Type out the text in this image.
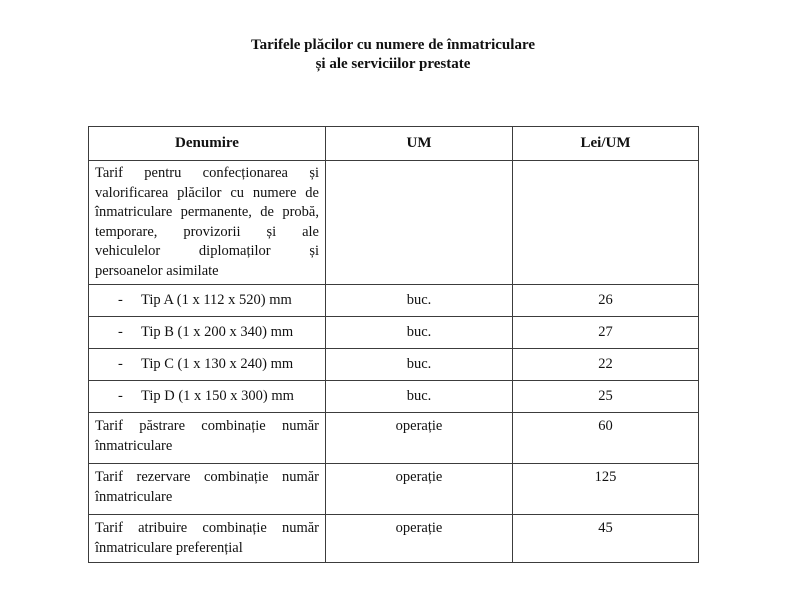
Tarifele plăcilor cu numere de înmatriculare
și ale serviciilor prestate
Denumire	UM	Lei/UM
Tarif pentru confecționarea și valorificarea plăcilor cu numere de înmatriculare permanente, de probă, temporare, provizorii și ale vehiculelor diplomaților și persoanelor asimilate		
- Tip A (1 x 112 x 520) mm	buc.	26
- Tip B (1 x 200 x 340) mm	buc.	27
- Tip C (1 x 130 x 240) mm	buc.	22
- Tip D (1 x 150 x 300) mm	buc.	25
Tarif păstrare combinație număr înmatriculare	operație	60
Tarif rezervare combinație număr înmatriculare	operație	125
Tarif atribuire combinație număr înmatriculare preferențial	operație	45
